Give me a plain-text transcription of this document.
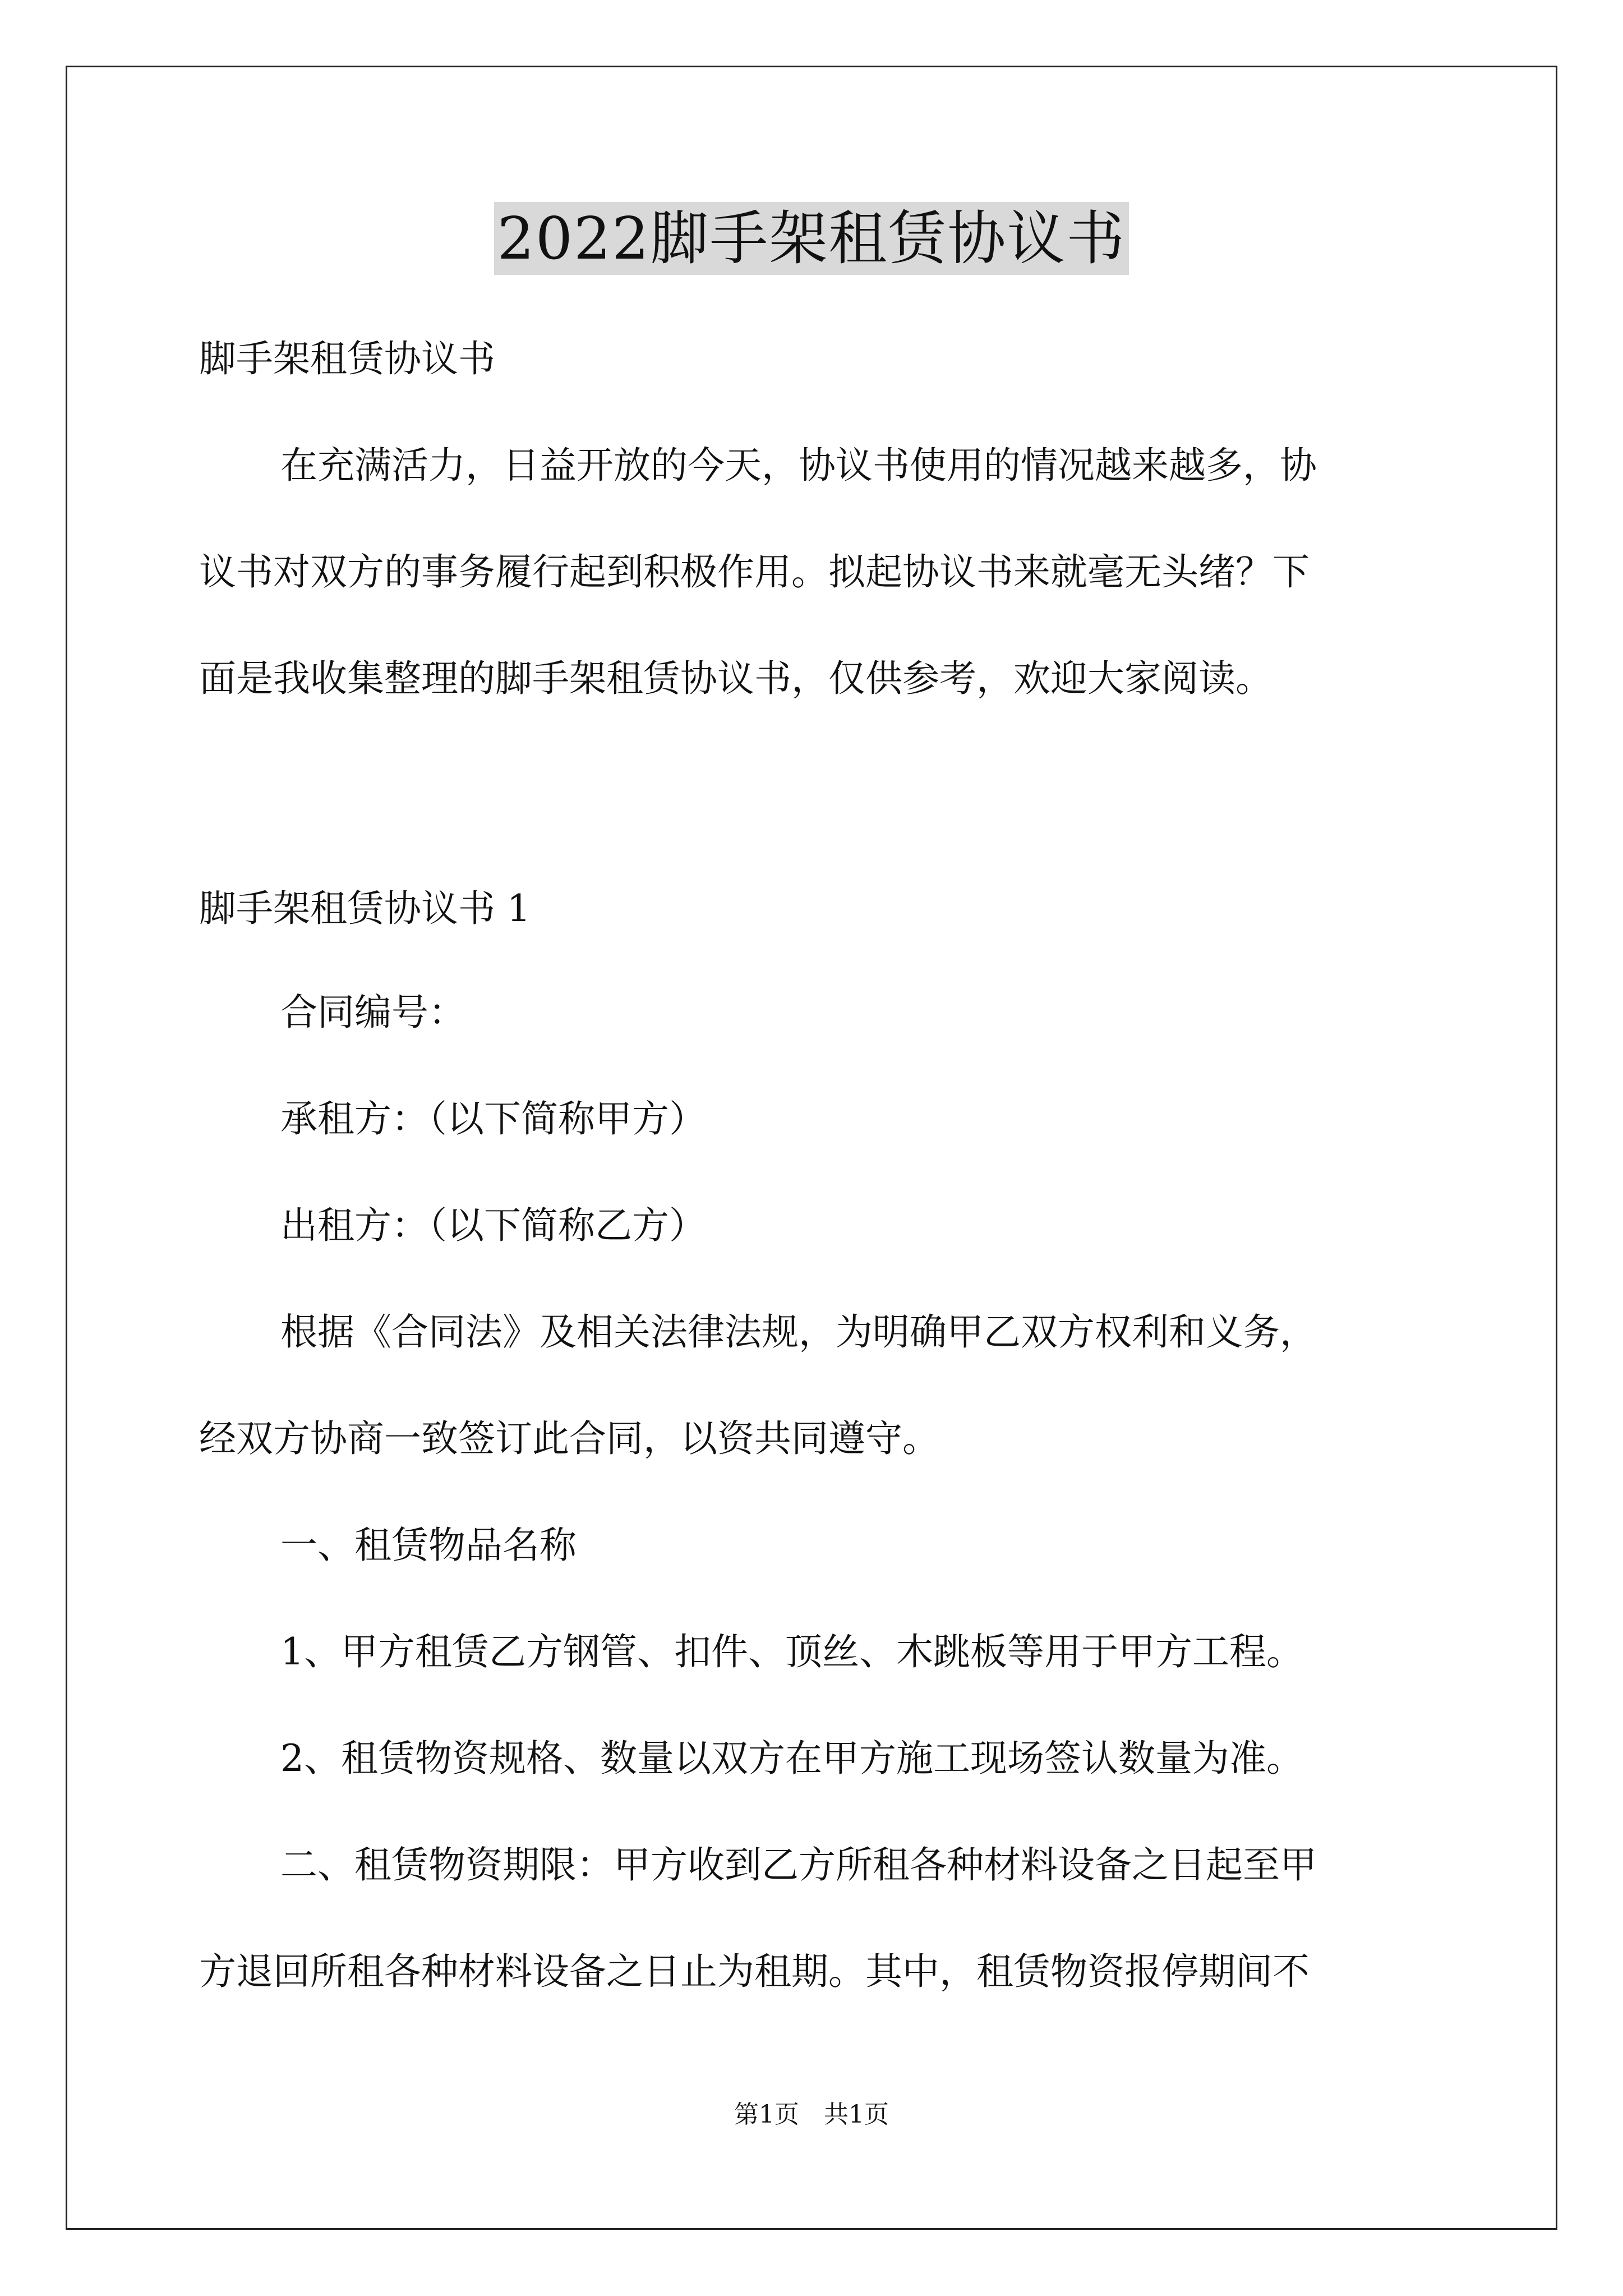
2022脚手架租赁协议书
脚手架租赁协议书
在充满活力，日益开放的今天，协议书使用的情况越来越多，协
议书对双方的事务履行起到积极作用。拟起协议书来就毫无头绪？下
面是我收集整理的脚手架租赁协议书，仅供参考，欢迎大家阅读。
脚手架租赁协议书 1
合同编号：
承租方：（以下简称甲方）
出租方：（以下简称乙方）
根据《合同法》及相关法律法规，为明确甲乙双方权利和义务，
经双方协商一致签订此合同，以资共同遵守。
一、租赁物品名称
1、甲方租赁乙方钢管、扣件、顶丝、木跳板等用于甲方工程。
2、租赁物资规格、数量以双方在甲方施工现场签认数量为准。
二、租赁物资期限：甲方收到乙方所租各种材料设备之日起至甲
方退回所租各种材料设备之日止为租期。其中，租赁物资报停期间不
第1页　共1页
